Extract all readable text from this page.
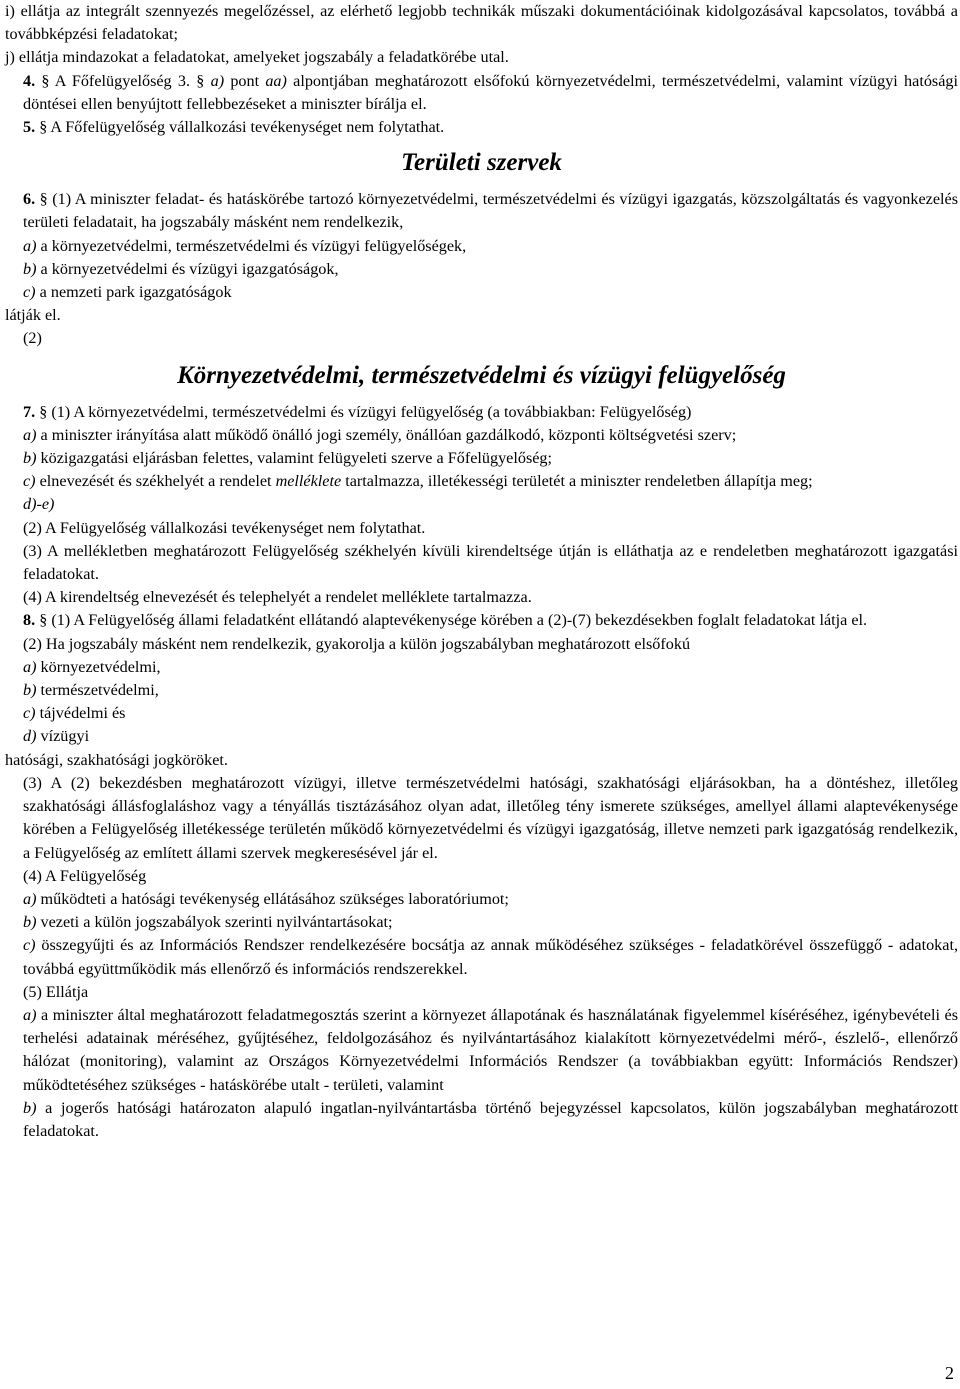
i) ellátja az integrált szennyezés megelőzéssel, az elérhető legjobb technikák műszaki dokumentációinak kidolgozásával kapcsolatos, továbbá a továbbképzési feladatokat;

j) ellátja mindazokat a feladatokat, amelyeket jogszabály a feladatkörébe utal.

4. § A Főfelügyelőség 3. § a) pont aa) alpontjában meghatározott elsőfokú környezetvédelmi, természetvédelmi, valamint vízügyi hatósági döntései ellen benyújtott fellebbezéseket a miniszter bírálja el.

5. § A Főfelügyelőség vállalkozási tevékenységet nem folytathat.

Területi szervek

6. § (1) A miniszter feladat- és hatáskörébe tartozó környezetvédelmi, természetvédelmi és vízügyi igazgatás, közszolgáltatás és vagyonkezelés területi feladatait, ha jogszabály másként nem rendelkezik,

a) a környezetvédelmi, természetvédelmi és vízügyi felügyelőségek,

b) a környezetvédelmi és vízügyi igazgatóságok,

c) a nemzeti park igazgatóságok

látják el.

(2)

Környezetvédelmi, természetvédelmi és vízügyi felügyelőség

7. § (1) A környezetvédelmi, természetvédelmi és vízügyi felügyelőség (a továbbiakban: Felügyelőség)

a) a miniszter irányítása alatt működő önálló jogi személy, önállóan gazdálkodó, központi költségvetési szerv;

b) közigazgatási eljárásban felettes, valamint felügyeleti szerve a Főfelügyelőség;

c) elnevezését és székhelyét a rendelet melléklete tartalmazza, illetékességi területét a miniszter rendeletben állapítja meg;

d)-e)

(2) A Felügyelőség vállalkozási tevékenységet nem folytathat.

(3) A mellékletben meghatározott Felügyelőség székhelyén kívüli kirendeltsége útján is elláthatja az e rendeletben meghatározott igazgatási feladatokat.

(4) A kirendeltség elnevezését és telephelyét a rendelet melléklete tartalmazza.

8. § (1) A Felügyelőség állami feladatként ellátandó alaptevékenysége körében a (2)-(7) bekezdésekben foglalt feladatokat látja el.

(2) Ha jogszabály másként nem rendelkezik, gyakorolja a külön jogszabályban meghatározott elsőfokú

a) környezetvédelmi,

b) természetvédelmi,

c) tájvédelmi és

d) vízügyi

hatósági, szakhatósági jogköröket.

(3) A (2) bekezdésben meghatározott vízügyi, illetve természetvédelmi hatósági, szakhatósági eljárásokban, ha a döntéshez, illetőleg szakhatósági állásfoglaláshoz vagy a tényállás tisztázásához olyan adat, illetőleg tény ismerete szükséges, amellyel állami alaptevékenysége körében a Felügyelőség illetékessége területén működő környezetvédelmi és vízügyi igazgatóság, illetve nemzeti park igazgatóság rendelkezik, a Felügyelőség az említett állami szervek megkeresésével jár el.

(4) A Felügyelőség

a) működteti a hatósági tevékenység ellátásához szükséges laboratóriumot;

b) vezeti a külön jogszabályok szerinti nyilvántartásokat;

c) összegyűjti és az Információs Rendszer rendelkezésére bocsátja az annak működéséhez szükséges - feladatkörével összefüggő - adatokat, továbbá együttműködik más ellenőrző és információs rendszerekkel.

(5) Ellátja

a) a miniszter által meghatározott feladatmegosztás szerint a környezet állapotának és használatának figyelemmel kíséréséhez, igénybevételi és terhelési adatainak méréséhez, gyűjtéséhez, feldolgozásához és nyilvántartásához kialakított környezetvédelmi mérő-, észlelő-, ellenőrző hálózat (monitoring), valamint az Országos Környezetvédelmi Információs Rendszer (a továbbiakban együtt: Információs Rendszer) működtetéséhez szükséges - hatáskörébe utalt - területi, valamint

b) a jogerős hatósági határozaton alapuló ingatlan-nyilvántartásba történő bejegyzéssel kapcsolatos, külön jogszabályban meghatározott feladatokat.

2
